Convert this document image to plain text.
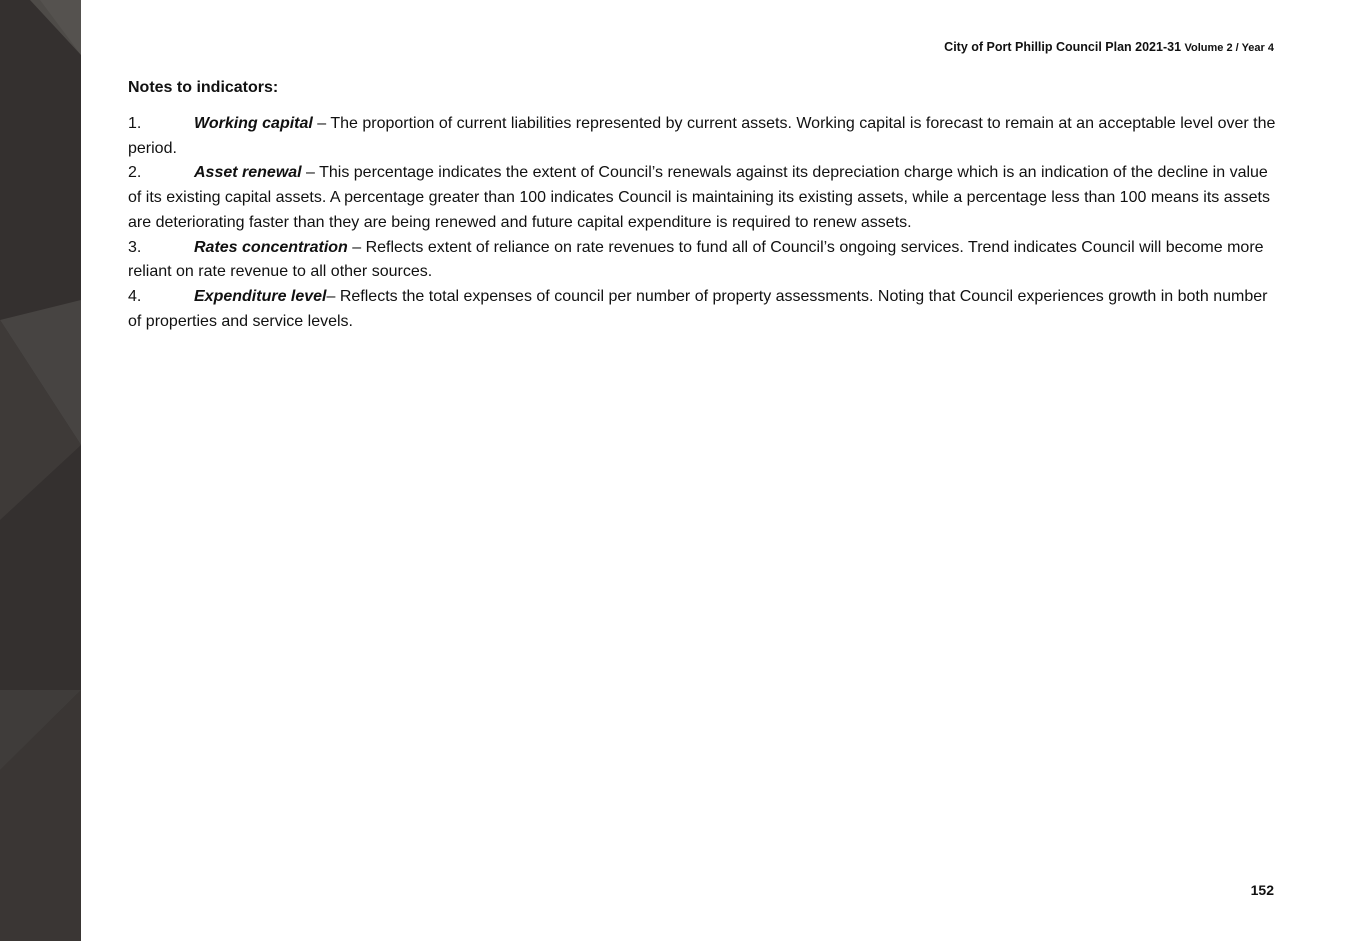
City of Port Phillip Council Plan 2021-31 Volume 2 / Year 4

Notes to indicators:

1.	Working capital – The proportion of current liabilities represented by current assets. Working capital is forecast to remain at an acceptable level over the period.

2.	Asset renewal – This percentage indicates the extent of Council’s renewals against its depreciation charge which is an indication of the decline in value of its existing capital assets. A percentage greater than 100 indicates Council is maintaining its existing assets, while a percentage less than 100 means its assets are deteriorating faster than they are being renewed and future capital expenditure is required to renew assets.

3.	Rates concentration – Reflects extent of reliance on rate revenues to fund all of Council’s ongoing services. Trend indicates Council will become more reliant on rate revenue to all other sources.

4.	Expenditure level– Reflects the total expenses of council per number of property assessments. Noting that Council experiences growth in both number of properties and service levels.

152
